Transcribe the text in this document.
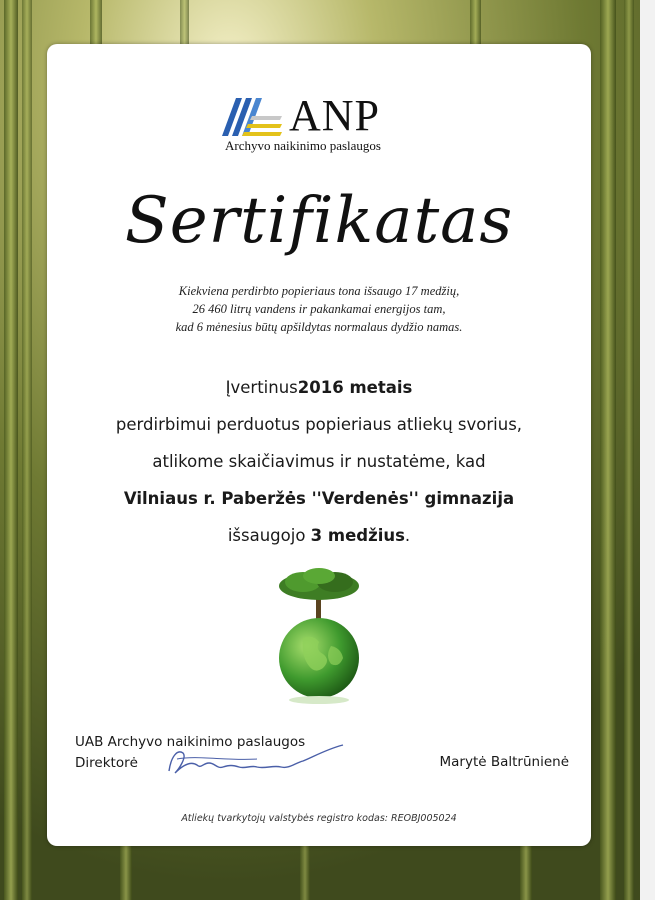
ANP
Archyvo naikinimo paslaugos
Sertifikatas
Kiekviena perdirbto popieriaus tona išsaugo 17 medžių,
26 460 litrų vandens ir pakankamai energijos tam,
kad 6 mėnesius būtų apšildytas normalaus dydžio namas.
Įvertinus2016 metais
perdirbimui perduotus popieriaus atliekų svorius,
atlikome skaičiavimus ir nustatėme, kad
Vilniaus r. Paberžės ''Verdenės'' gimnazija
išsaugojo 3 medžius.
UAB Archyvo naikinimo paslaugos
Direktorė	Marytė Baltrūnienė
Atliekų tvarkytojų valstybės registro kodas: REOBJ005024
